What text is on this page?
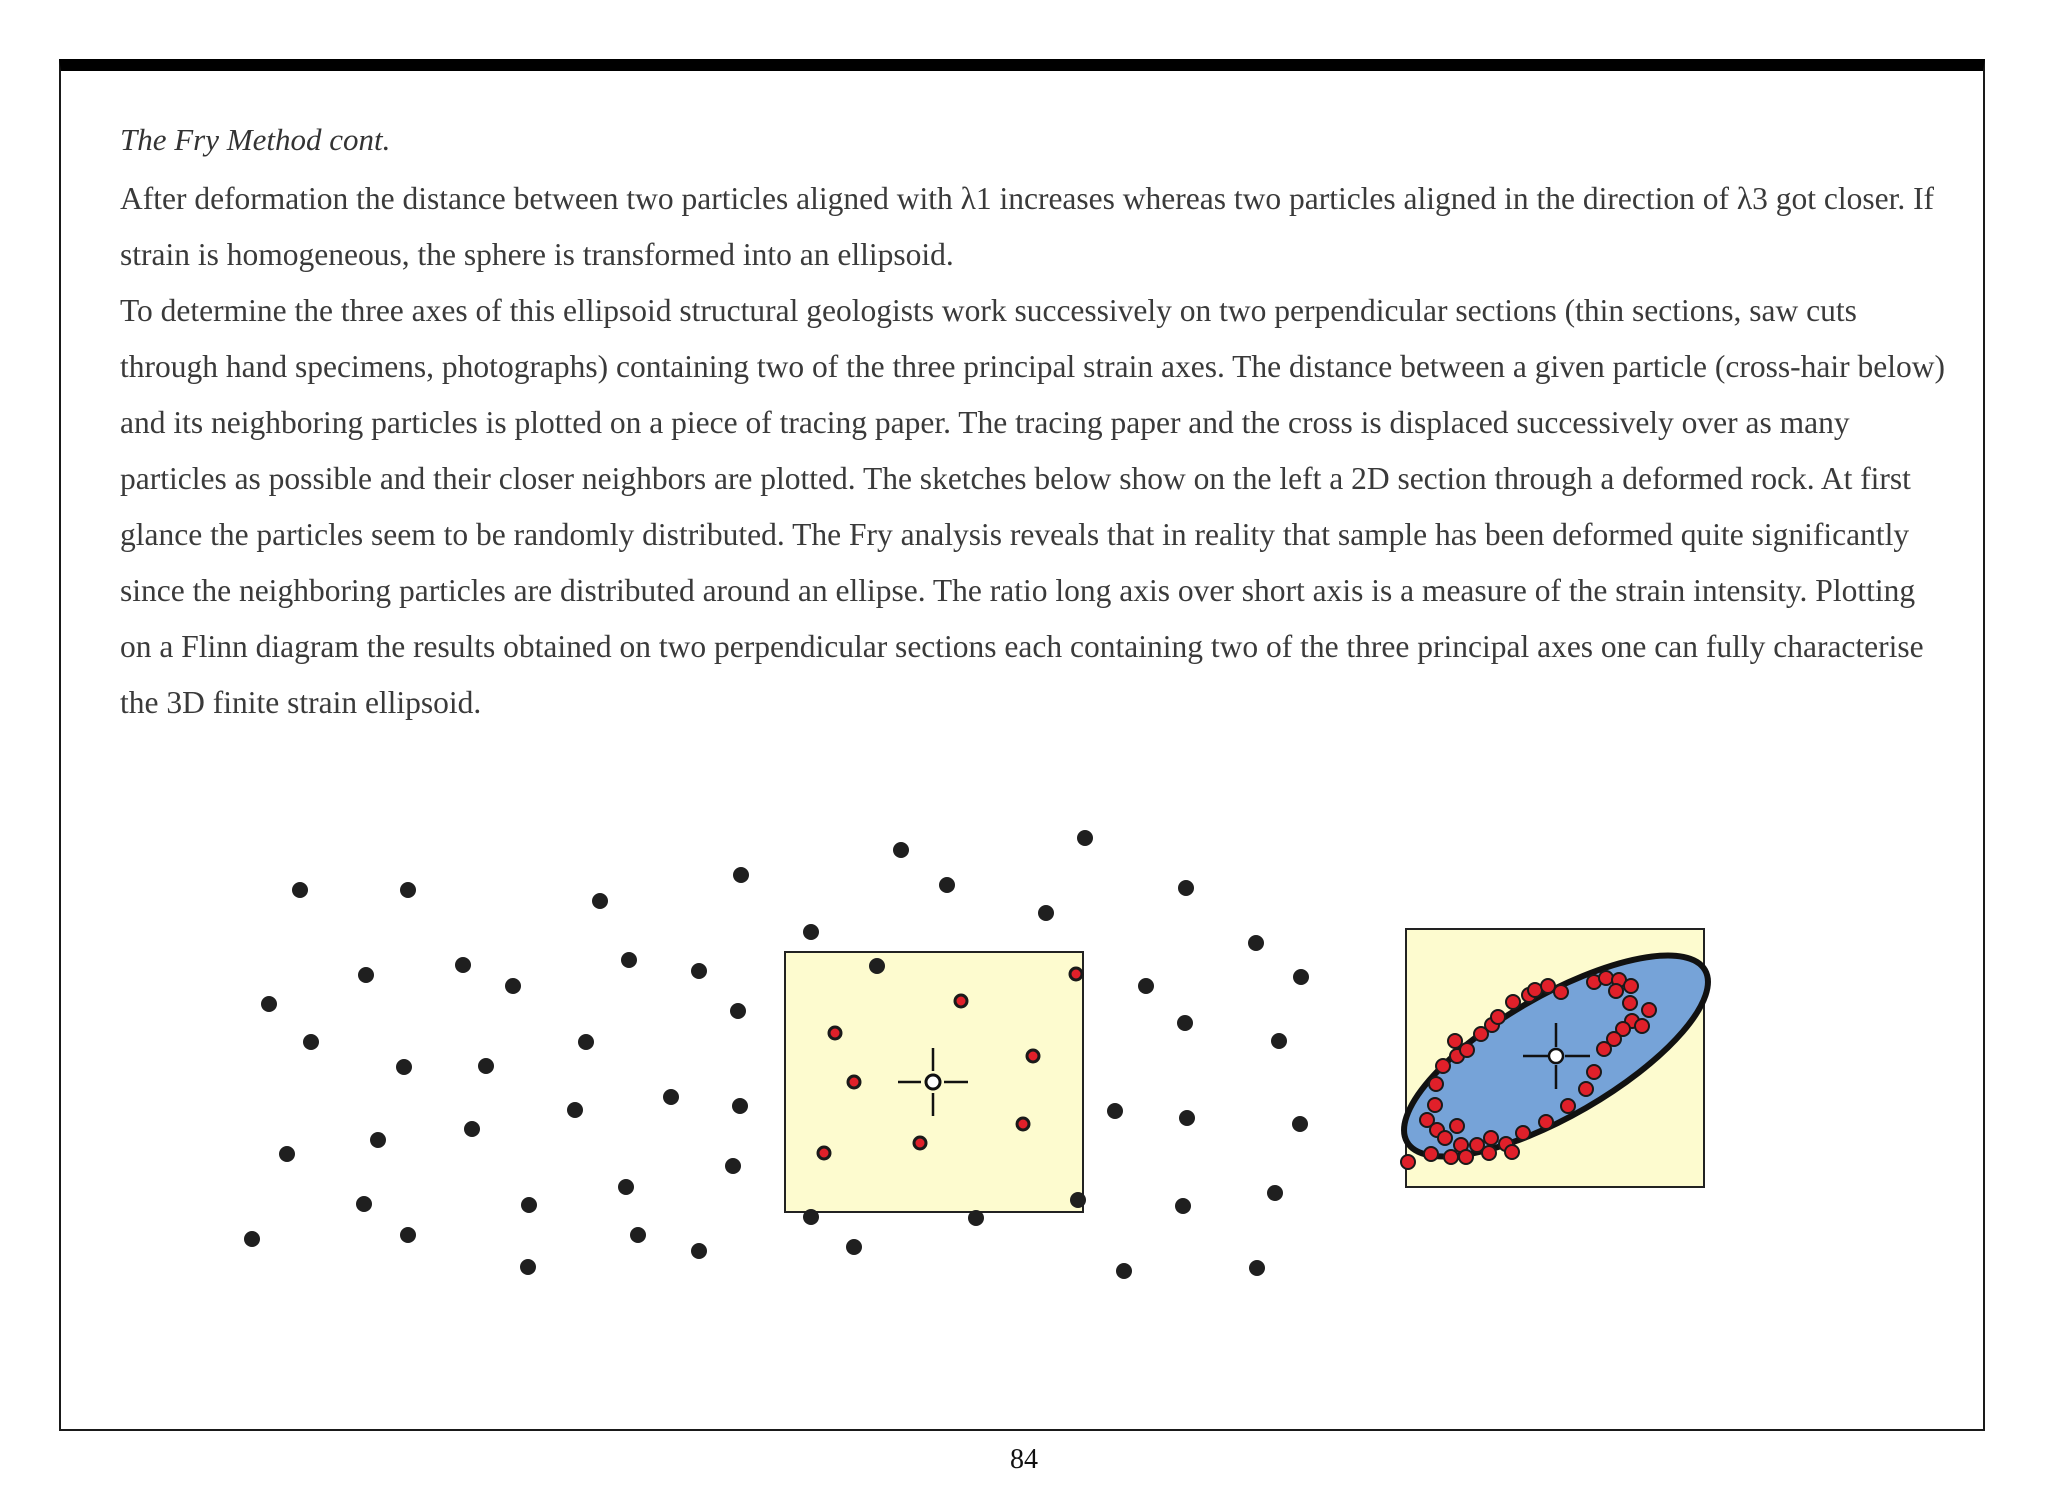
The Fry Method cont.

After deformation the distance between two particles aligned with λ1 increases whereas two particles aligned in the direction of λ3 got closer. If strain is homogeneous, the sphere is transformed into an ellipsoid.

To determine the three axes of this ellipsoid structural geologists work successively on two perpendicular sections (thin sections, saw cuts through hand specimens, photographs) containing two of the three principal strain axes. The distance between a given particle (cross-hair below) and its neighboring particles is plotted on a piece of tracing paper. The tracing paper and the cross is displaced successively over as many particles as possible and their closer neighbors are plotted. The sketches below show on the left a 2D section through a deformed rock. At first glance the particles seem to be randomly distributed. The Fry analysis reveals that in reality that sample has been deformed quite significantly since the neighboring particles are distributed around an ellipse. The ratio long axis over short axis is a measure of the strain intensity. Plotting on a Flinn diagram the results obtained on two perpendicular sections each containing two of the three principal axes one can fully characterise the 3D finite strain ellipsoid.

84
